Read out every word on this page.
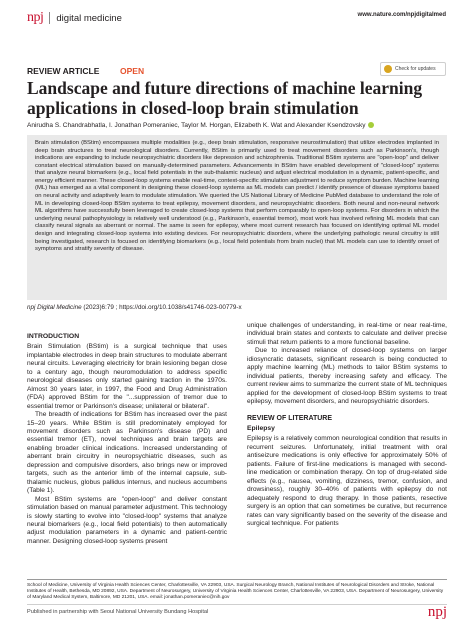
npj digital medicine	www.nature.com/npjdigitalmed
REVIEW ARTICLE OPEN	Check for updates
Landscape and future directions of machine learning applications in closed-loop brain stimulation
Anirudha S. Chandrabhatla, I. Jonathan Pomeraniec, Taylor M. Horgan, Elizabeth K. Wat and Alexander Ksendzovsky

Brain stimulation (BStim) encompasses multiple modalities (e.g., deep brain stimulation, responsive neurostimulation) that utilize electrodes implanted in deep brain structures to treat neurological disorders. Currently, BStim is primarily used to treat movement disorders such as Parkinson's, though indications are expanding to include neuropsychiatric disorders like depression and schizophrenia. Traditional BStim systems are "open-loop" and deliver constant electrical stimulation based on manually-determined parameters. Advancements in BStim have enabled development of "closed-loop" systems that analyze neural biomarkers (e.g., local field potentials in the sub-thalamic nucleus) and adjust electrical modulation in a dynamic, patient-specific, and energy efficient manner. These closed-loop systems enable real-time, context-specific stimulation adjustment to reduce symptom burden. Machine learning (ML) has emerged as a vital component in designing these closed-loop systems as ML models can predict / identify presence of disease symptoms based on neural activity and adaptively learn to modulate stimulation. We queried the US National Library of Medicine PubMed database to understand the role of ML in developing closed-loop BStim systems to treat epilepsy, movement disorders, and neuropsychiatric disorders. Both neural and non-neural network ML algorithms have successfully been leveraged to create closed-loop systems that perform comparably to open-loop systems. For disorders in which the underlying neural pathophysiology is relatively well understood (e.g., Parkinson's, essential tremor), most work has involved refining ML models that can classify neural signals as aberrant or normal. The same is seen for epilepsy, where most current research has focused on identifying optimal ML model design and integrating closed-loop systems into existing devices. For neuropsychiatric disorders, where the underlying pathologic neural circuitry is still being investigated, research is focused on identifying biomarkers (e.g., local field potentials from brain nuclei) that ML models can use to identify onset of symptoms and stratify severity of disease.

npj Digital Medicine (2023)6:79 ; https://doi.org/10.1038/s41746-023-00779-x
INTRODUCTION

Brain Stimulation (BStim) is a surgical technique that uses implantable electrodes in deep brain structures to modulate aberrant neural circuits. Leveraging electricity for brain lesioning began close to a century ago, though neuromodulation to address specific neurological diseases only started gaining traction in the 1970s. Almost 30 years later, in 1997, the Food and Drug Administration (FDA) approved BStim for the "...suppression of tremor due to essential tremor or Parkinson's disease; unilateral or bilateral".

The breadth of indications for BStim has increased over the past 15–20 years. While BStim is still predominately employed for movement disorders such as Parkinson's disease (PD) and essential tremor (ET), novel techniques and brain targets are enabling broader clinical indications. Increased understanding of aberrant brain circuitry in neuropsychiatric diseases, such as depression and compulsive disorders, also brings new or improved targets, such as the anterior limb of the internal capsule, sub-thalamic nucleus, globus pallidus internus, and nucleus accumbens (Table 1).

Most BStim systems are "open-loop" and deliver constant stimulation based on manual parameter adjustment. This technology is slowly starting to evolve into "closed-loop" systems that analyze neural biomarkers (e.g., local field potentials) to then automatically adjust modulation parameters in a dynamic and patient-centric manner. Designing closed-loop systems present

unique challenges of understanding, in real-time or near real-time, individual brain states and contexts to calculate and deliver precise stimuli that return patients to a more functional baseline.

Due to increased reliance of closed-loop systems on larger idiosyncratic datasets, significant research is being conducted to apply machine learning (ML) methods to tailor BStim systems to individual patients, thereby increasing safety and efficacy. The current review aims to summarize the current state of ML techniques applied for the development of closed-loop BStim systems to treat epilepsy, movement disorders, and neuropsychiatric disorders.

REVIEW OF LITERATURE
Epilepsy

Epilepsy is a relatively common neurological condition that results in recurrent seizures. Unfortunately, initial treatment with oral antiseizure medications is only effective for approximately 50% of patients. Failure of first-line medications is managed with second-line medication or combination therapy. On top of drug-related side effects (e.g., nausea, vomiting, dizziness, tremor, confusion, and drowsiness), roughly 30–40% of patients with epilepsy do not adequately respond to drug therapy. In those patients, resective surgery is an option that can sometimes be curative, but recurrence rates can vary significantly based on the severity of the disease and surgical technique. For patients

School of Medicine, University of Virginia Health Sciences Center, Charlottesville, VA 22903, USA. Surgical Neurology Branch, National Institutes of Neurological Disorders and Stroke, National Institutes of Health, Bethesda, MD 20892, USA. Department of Neurosurgery, University of Virginia Health Sciences Center, Charlottesville, VA 22903, USA. Department of Neurosurgery, University of Maryland Medical System, Baltimore, MD 21201, USA. email: jonathan.pomeraniec@nih.gov

Published in partnership with Seoul National University Bundang Hospital	npj
